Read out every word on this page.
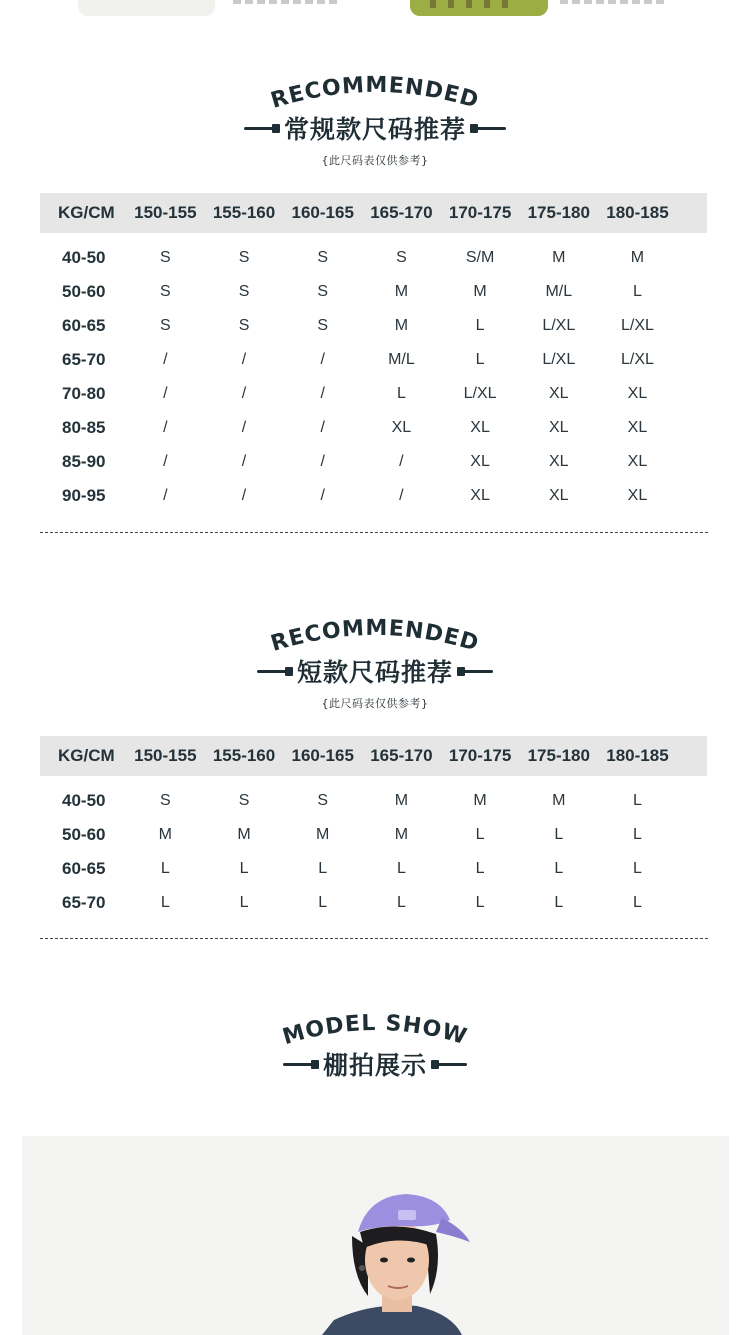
RECOMMENDED
常规款尺码推荐
{此尺码表仅供参考}
KG/CM	150-155 155-160 160-165 165-170 170-175 175-180 180-185
40-50	S	S	S	S	S/M	M	M
50-60	S	S	S	M	M	M/L	L
60-65	S	S	S	M	L	L/XL	L/XL
65-70	/	/	/	M/L	L	L/XL	L/XL
70-80	/	/	/	L	L/XL	XL	XL
80-85	/	/	/	XL	XL	XL	XL
85-90	/	/	/	/	XL	XL	XL
90-95	/	/	/	/	XL	XL	XL
RECOMMENDED
短款尺码推荐
{此尺码表仅供参考}
KG/CM	150-155 155-160 160-165 165-170 170-175 175-180 180-185
40-50	S	S	S	M	M	M	L
50-60	M	M	M	M	L	L	L
60-65	L	L	L	L	L	L	L
65-70	L	L	L	L	L	L	L
MODEL SHOW
棚拍展示
